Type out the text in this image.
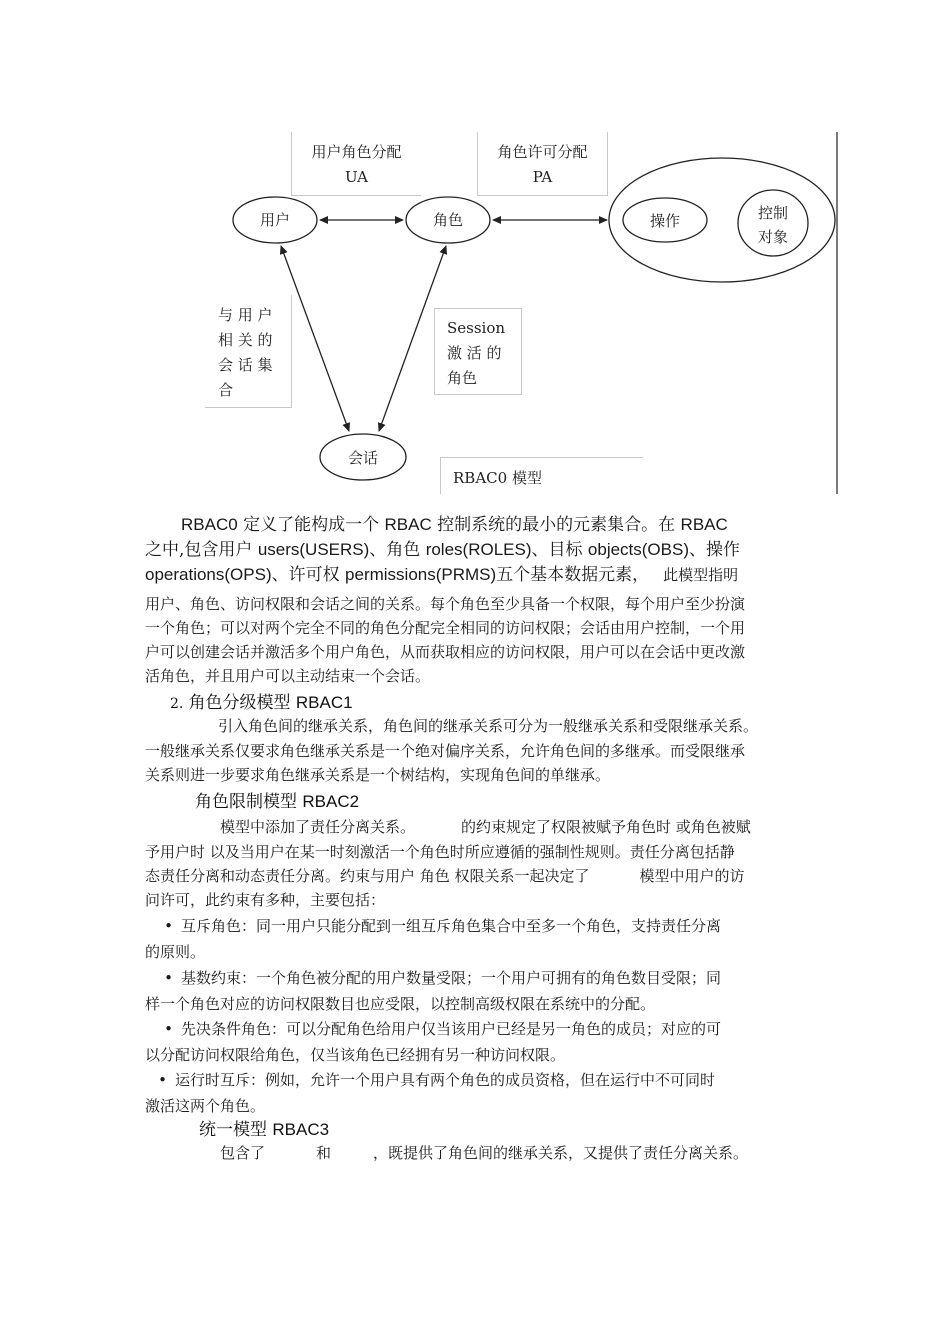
用户角色分配
UA
角色许可分配
PA
用户	角色	操作	控制
对象
会话
与 用 户
相 关 的
会 话 集
合
Session
激 活 的
角色
RBAC0 模型
RBAC0 定义了能构成一个 RBAC 控制系统的最小的元素集合。在 RBAC
之中,包含用户 users(USERS)、角色 roles(ROLES)、目标 objects(OBS)、操作
operations(OPS)、许可权 permissions(PRMS)五个基本数据元素， 此模型指明
用户、角色、访问权限和会话之间的关系。每个角色至少具备一个权限，每个用户至少扮演
一个角色；可以对两个完全不同的角色分配完全相同的访问权限；会话由用户控制，一个用
户可以创建会话并激活多个用户角色，从而获取相应的访问权限，用户可以在会话中更改激
活角色，并且用户可以主动结束一个会话。
2. 角色分级模型 RBAC1
引入角色间的继承关系，角色间的继承关系可分为一般继承关系和受限继承关系。
一般继承关系仅要求角色继承关系是一个绝对偏序关系，允许角色间的多继承。而受限继承
关系则进一步要求角色继承关系是一个树结构，实现角色间的单继承。
角色限制模型 RBAC2
模型中添加了责任分离关系。	的约束规定了权限被赋予角色时 或角色被赋
予用户时 以及当用户在某一时刻激活一个角色时所应遵循的强制性规则。责任分离包括静
态责任分离和动态责任分离。约束与用户 角色 权限关系一起决定了	模型中用户的访
问许可，此约束有多种，主要包括：
• 互斥角色：同一用户只能分配到一组互斥角色集合中至多一个角色，支持责任分离
的原则。
• 基数约束：一个角色被分配的用户数量受限；一个用户可拥有的角色数目受限；同
样一个角色对应的访问权限数目也应受限，以控制高级权限在系统中的分配。
• 先决条件角色：可以分配角色给用户仅当该用户已经是另一角色的成员；对应的可
以分配访问权限给角色，仅当该角色已经拥有另一种访问权限。
• 运行时互斥：例如，允许一个用户具有两个角色的成员资格，但在运行中不可同时
激活这两个角色。
统一模型 RBAC3
包含了	和	，既提供了角色间的继承关系，又提供了责任分离关系。
